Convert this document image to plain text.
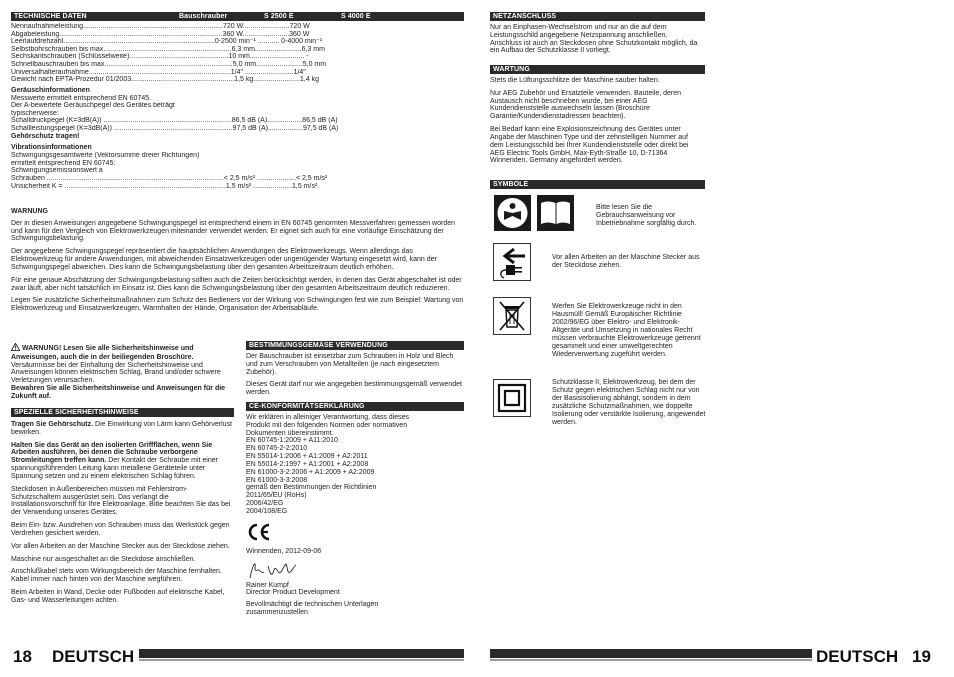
TECHNISCHE DATEN	Bauschrauber	S 2500 E	S 4000 E
Nennaufnahmeleistung........................................................................720 W........................720 W
Abgabeleistung....................................................................................360 W........................360 W
Leerlaufdrehzahl..............................................................................0-2500 min⁻¹ ........... 0-4000 min⁻¹
Selbstbohrschrauben bis max..................................................................6,3 mm........................6,3 mm
Sechskantschrauben (Schlüsselweite)...................................................10 mm............................ -
Schnellbauschrauben bis max..................................................................5,0 mm........................5,0 mm
Universalhalteraufnahme.........................................................................1/4" .........................1/4"
Gewicht nach EPTA-Prozedur 01/2003.....................................................1,5 kg........................1,4 kg
Geräuschinformationen
Messwerte ermittelt entsprechend EN 60745.
Der A-bewertete Geräuschpegel des Gerätes beträgt
typischerweise:
Schalldruckpegel (K=3dB(A)) ..................................................................86,5 dB (A)..................86,5 dB (A)
Schallleistungspegel (K=3dB(A)) .............................................................97,5 dB (A)..................97,5 dB (A)
Gehörschutz tragen!
Vibrationsinformationen
Schwingungsgesamtwerte (Vektorsumme dreier Richtungen)
ermittelt entsprechend EN 60745:
Schwingungsemissionswert a
Schrauben ...........................................................................................< 2,5 m/s² ....................< 2,5 m/s²
Unsicherheit K = ...................................................................................1,5 m/s² ....................1,5 m/s²
WARNUNG
Der in diesen Anweisungen angegebene Schwingungspegel ist entsprechend einem in EN 60745 genormten Messverfahren gemessen worden und kann für den Vergleich von Elektrowerkzeugen miteinander verwendet werden. Er eignet sich auch für eine vorläufige Einschätzung der Schwingungsbelastung.
Der angegebene Schwingungspegel repräsentiert die hauptsächlichen Anwendungen des Elektrowerkzeugs. Wenn allerdings das Elektrowerkzeug für andere Anwendungen, mit abweichenden Einsatzwerkzeugen oder ungenügender Wartung eingesetzt wird, kann der Schwingungspegel abweichen. Dies kann die Schwingungsbelastung über den gesamten Arbeitszeitraum deutlich erhöhen.
Für eine genaue Abschätzung der Schwingungsbelastung sollten auch die Zeiten berücksichtigt werden, in denen das Gerät abgeschaltet ist oder zwar läuft, aber nicht tatsächlich im Einsatz ist. Dies kann die Schwingungsbelastung über den gesamten Arbeitszeitraum deutlich reduzieren.
Legen Sie zusätzliche Sicherheitsmaßnahmen zum Schutz des Bedieners vor der Wirkung von Schwingungen fest wie zum Beispiel: Wartung von Elektrowerkzeug und Einsatzwerkzeugen, Warmhalten der Hände, Organisation der Arbeitsabläufe.
WARNUNG! Lesen Sie alle Sicherheitshinweise und Anweisungen, auch die in der beiliegenden Broschüre. Versäumnisse bei der Einhaltung der Sicherheitshinweise und Anweisungen können elektrischen Schlag, Brand und/oder schwere Verletzungen verursachen.
Bewahren Sie alle Sicherheitshinweise und Anweisungen für die Zukunft auf.
SPEZIELLE SICHERHEITSHINWEISE
Tragen Sie Gehörschutz. Die Einwirkung von Lärm kann Gehörverlust bewirken.
Halten Sie das Gerät an den isolierten Griffflächen, wenn Sie Arbeiten ausführen, bei denen die Schraube verborgene Stromleitungen treffen kann. Der Kontakt der Schraube mit einer spannungsführenden Leitung kann metallene Geräteteile unter Spannung setzen und zu einem elektrischen Schlag führen.
Steckdosen in Außenbereichen müssen mit Fehlerstrom-Schutzschaltern ausgerüstet sein. Das verlangt die Installationsvorschrift für Ihre Elektroanlage. Bitte beachten Sie das bei der Verwendung unseres Gerätes.
Beim Ein- bzw. Ausdrehen von Schrauben muss das Werkstück gegen Verdrehen gesichert werden.
Vor allen Arbeiten an der Maschine Stecker aus der Steckdose ziehen.
Maschine nur ausgeschaltet an die Steckdose anschließen.
Anschlußkabel stets vom Wirkungsbereich der Maschine fernhalten. Kabel immer nach hinten von der Maschine wegführen.
Beim Arbeiten in Wand, Decke oder Fußboden auf elektrische Kabel, Gas- und Wasserleitungen achten.
BESTIMMUNGSGEMÄSE VERWENDUNG
Der Bauschrauber ist einsetzbar zum Schrauben in Holz und Blech und zum Verschrauben von Metallteilen (je nach eingesetztem Zubehör).
Dieses Gerät darf nur wie angegeben bestimmungsgemäß verwendet werden.
CE-KONFORMITÄTSERKLÄRUNG
Wir erklären in alleiniger Verantwortung, dass dieses
Produkt mit den folgenden Normen oder normativen
Dokumenten übereinstimmt.
EN 60745-1:2009 + A11:2010
EN 60745-2-2:2010
EN 55014-1:2006 + A1:2009 + A2:2011
EN 55014-2:1997 + A1:2001 + A2:2008
EN 61000-3-2:2006 + A1:2009 + A2:2009
EN 61000-3-3:2008
gemäß den Bestimmungen der Richtlinien
2011/65/EU (RoHs)
2006/42/EG
2004/108/EG
Winnenden, 2012-09-06
Rainer Kumpf
Director Product Development
Bevollmächtigt die technischen Unterlagen zusammenzustellen
18 DEUTSCH
NETZANSCHLUSS
Nur an Einphasen-Wechselstrom und nur an die auf dem Leistungsschild angegebene Netzspannung anschließen. Anschluss ist auch an Steckdosen ohne Schutzkontakt möglich, da ein Aufbau der Schutzklasse II vorliegt.
WARTUNG
Stets die Lüftungsschlitze der Maschine sauber halten.
Nur AEG Zubehör und Ersatzteile verwenden. Bauteile, deren Austausch nicht beschrieben wurde, bei einer AEG Kundendienststelle auswechseln lassen (Broschüre Garantie/Kundendienstadressen beachten).
Bei Bedarf kann eine Explosionszeichnung des Gerätes unter Angabe der Maschinen Type und der zehnstelligen Nummer auf dem Leistungsschild bei Ihrer Kundendienststelle oder direkt bei AEG Electric Tools GmbH, Max-Eyth-Straße 10, D-71364 Winnenden, Germany angefordert werden.
SYMBOLE
Bitte lesen Sie die Gebrauchsanweisung vor Inbetriebnahme sorgfältig durch.
Vor allen Arbeiten an der Maschine Stecker aus der Steckdose ziehen.
Werfen Sie Elektrowerkzeuge nicht in den Hausmüll! Gemäß Europäischer Richtlinie 2002/96/EG über Elektro- und Elektronik-Altgeräte und Umsetzung in nationales Recht müssen verbrauchte Elektrowerkzeuge getrennt gesammelt und einer umweltgerechten Wiederverwertung zugeführt werden.
Schutzklasse II, Elektrowerkzeug, bei dem der Schutz gegen elektrischen Schlag nicht nur von der Basisisolierung abhängt, sondern in dem zusätzliche Schutzmaßnahmen, wie doppelte Isolierung oder verstärkte Isolierung, angewendet werden.
DEUTSCH 19
